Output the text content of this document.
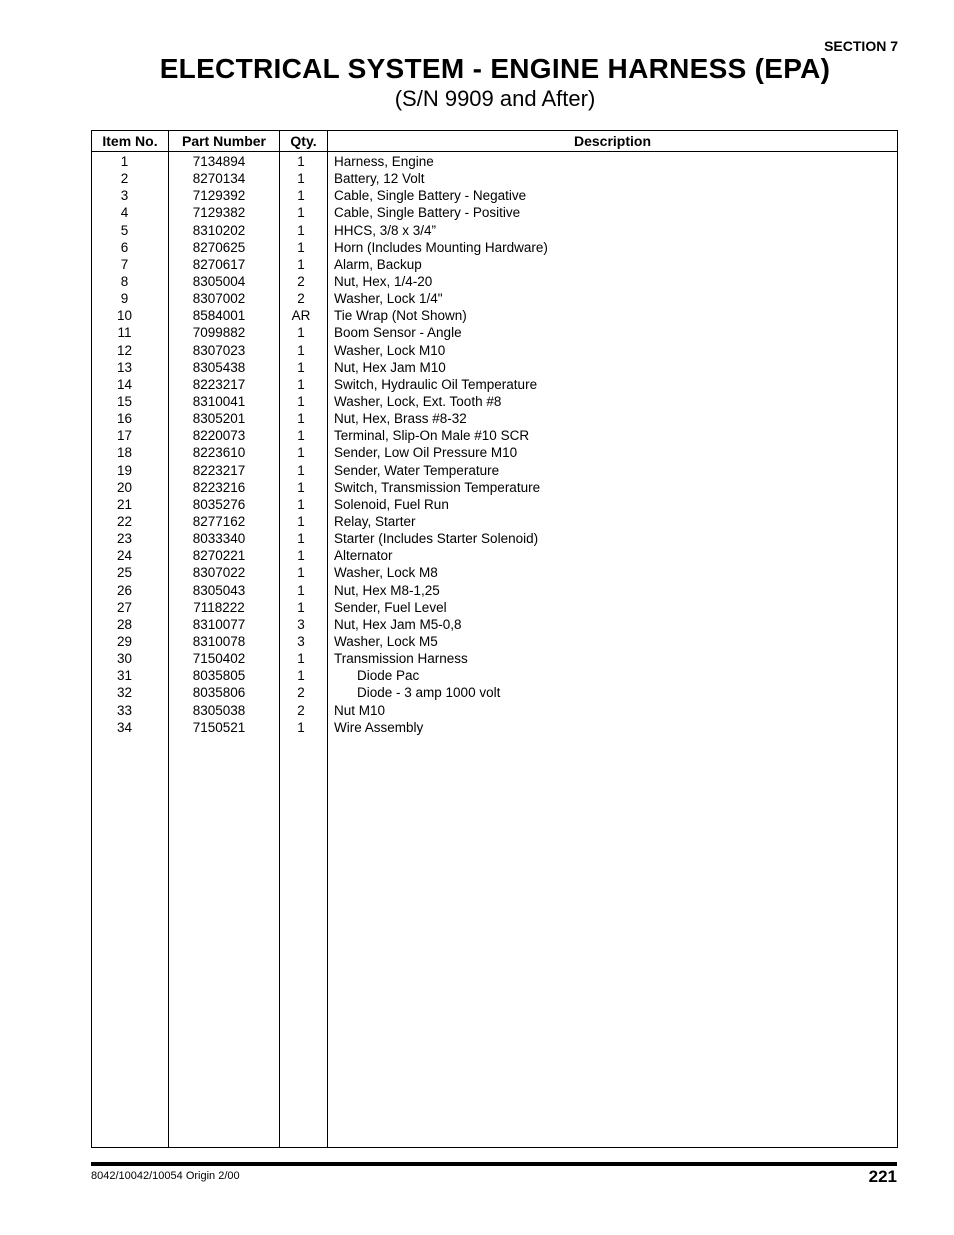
SECTION 7
ELECTRICAL SYSTEM - ENGINE HARNESS (EPA)
(S/N 9909 and After)
Item No.	Part Number	Qty.	Description
1	7134894	1	Harness, Engine
2	8270134	1	Battery, 12 Volt
3	7129392	1	Cable, Single Battery - Negative
4	7129382	1	Cable, Single Battery - Positive
5	8310202	1	HHCS, 3/8 x 3/4”
6	8270625	1	Horn (Includes Mounting Hardware)
7	8270617	1	Alarm, Backup
8	8305004	2	Nut, Hex, 1/4-20
9	8307002	2	Washer, Lock 1/4"
10	8584001	AR	Tie Wrap (Not Shown)
11	7099882	1	Boom Sensor - Angle
12	8307023	1	Washer, Lock M10
13	8305438	1	Nut, Hex Jam M10
14	8223217	1	Switch, Hydraulic Oil Temperature
15	8310041	1	Washer, Lock, Ext. Tooth #8
16	8305201	1	Nut, Hex, Brass #8-32
17	8220073	1	Terminal, Slip-On Male #10 SCR
18	8223610	1	Sender, Low Oil Pressure M10
19	8223217	1	Sender, Water Temperature
20	8223216	1	Switch, Transmission Temperature
21	8035276	1	Solenoid, Fuel Run
22	8277162	1	Relay, Starter
23	8033340	1	Starter (Includes Starter Solenoid)
24	8270221	1	Alternator
25	8307022	1	Washer, Lock M8
26	8305043	1	Nut, Hex M8-1,25
27	7118222	1	Sender, Fuel Level
28	8310077	3	Nut, Hex Jam M5-0,8
29	8310078	3	Washer, Lock M5
30	7150402	1	Transmission Harness
31	8035805	1	Diode Pac
32	8035806	2	Diode - 3 amp 1000 volt
33	8305038	2	Nut M10
34	7150521	1	Wire Assembly
8042/10042/10054 Origin 2/00	221
